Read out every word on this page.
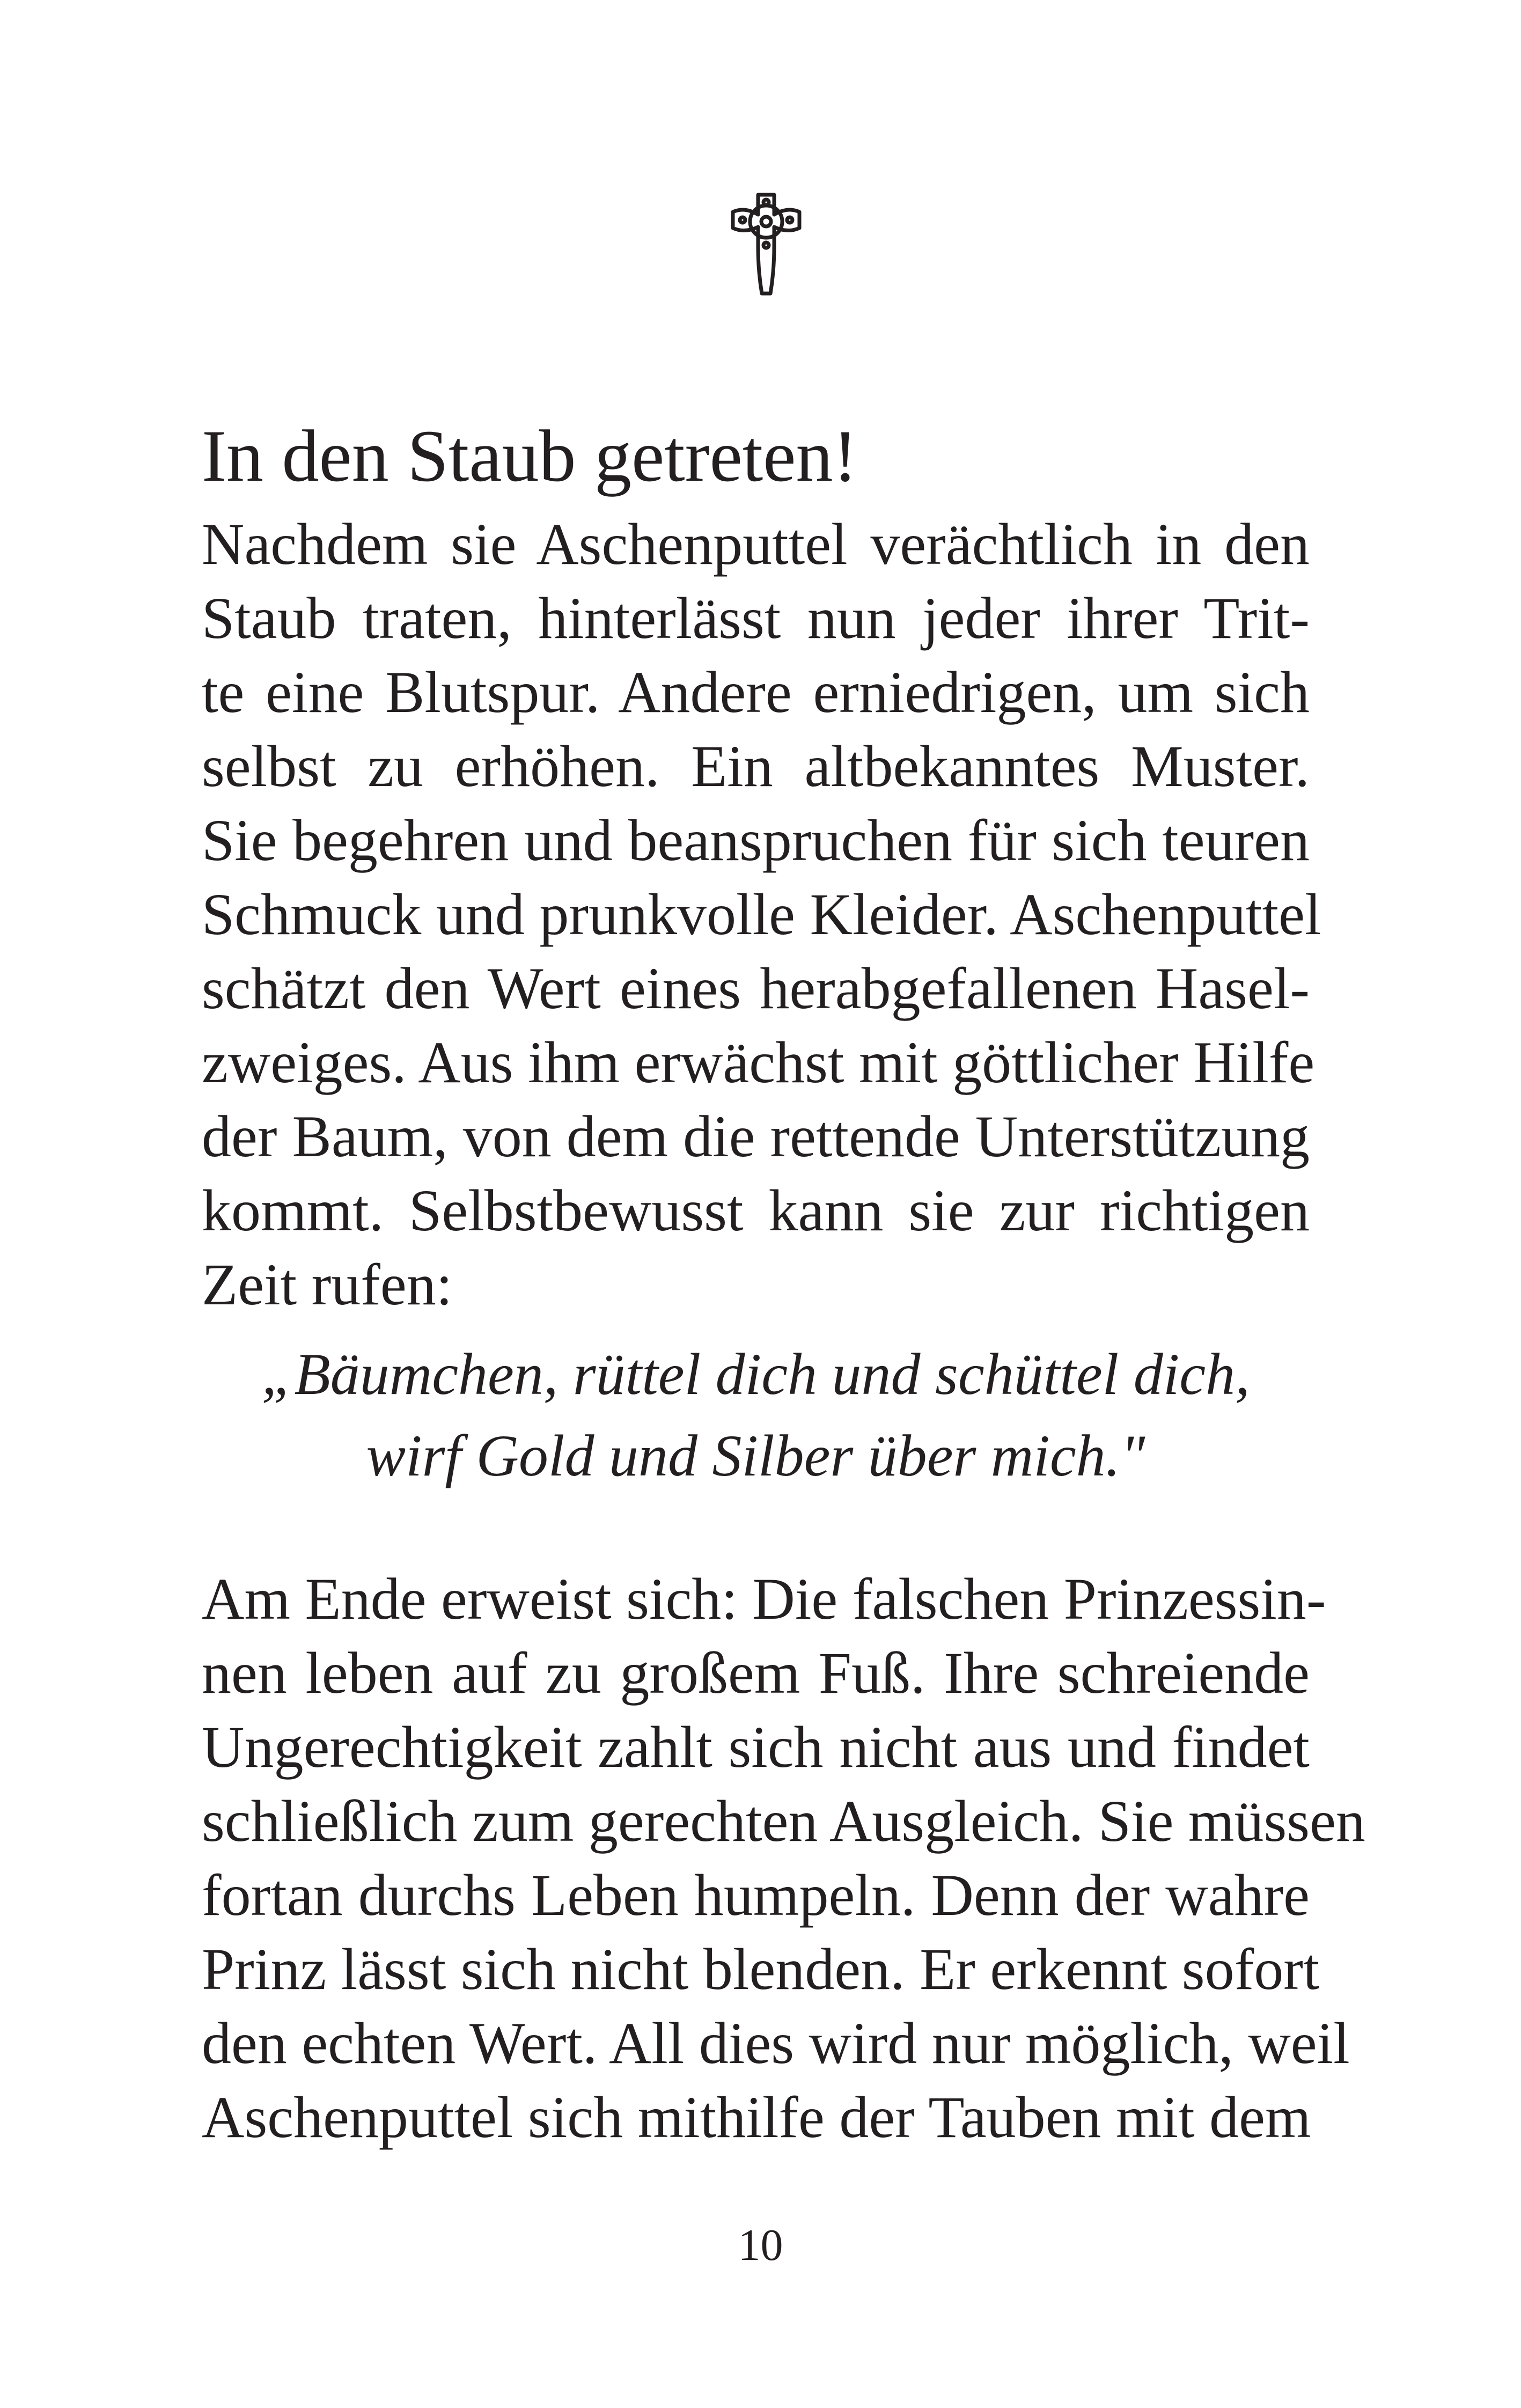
In den Staub getreten!
Nachdem sie Aschenputtel verächtlich in den
Staub traten, hinterlässt nun jeder ihrer Trit-
te eine Blutspur. Andere erniedrigen, um sich
selbst zu erhöhen. Ein altbekanntes Muster.
Sie begehren und beanspruchen für sich teuren
Schmuck und prunkvolle Kleider. Aschenputtel
schätzt den Wert eines herabgefallenen Hasel-
zweiges. Aus ihm erwächst mit göttlicher Hilfe
der Baum, von dem die rettende Unterstützung
kommt. Selbstbewusst kann sie zur richtigen
Zeit rufen:
„Bäumchen, rüttel dich und schüttel dich,
wirf Gold und Silber über mich."
Am Ende erweist sich: Die falschen Prinzessin-
nen leben auf zu großem Fuß. Ihre schreiende
Ungerechtigkeit zahlt sich nicht aus und findet
schließlich zum gerechten Ausgleich. Sie müssen
fortan durchs Leben humpeln. Denn der wahre
Prinz lässt sich nicht blenden. Er erkennt sofort
den echten Wert. All dies wird nur möglich, weil
Aschenputtel sich mithilfe der Tauben mit dem
10
